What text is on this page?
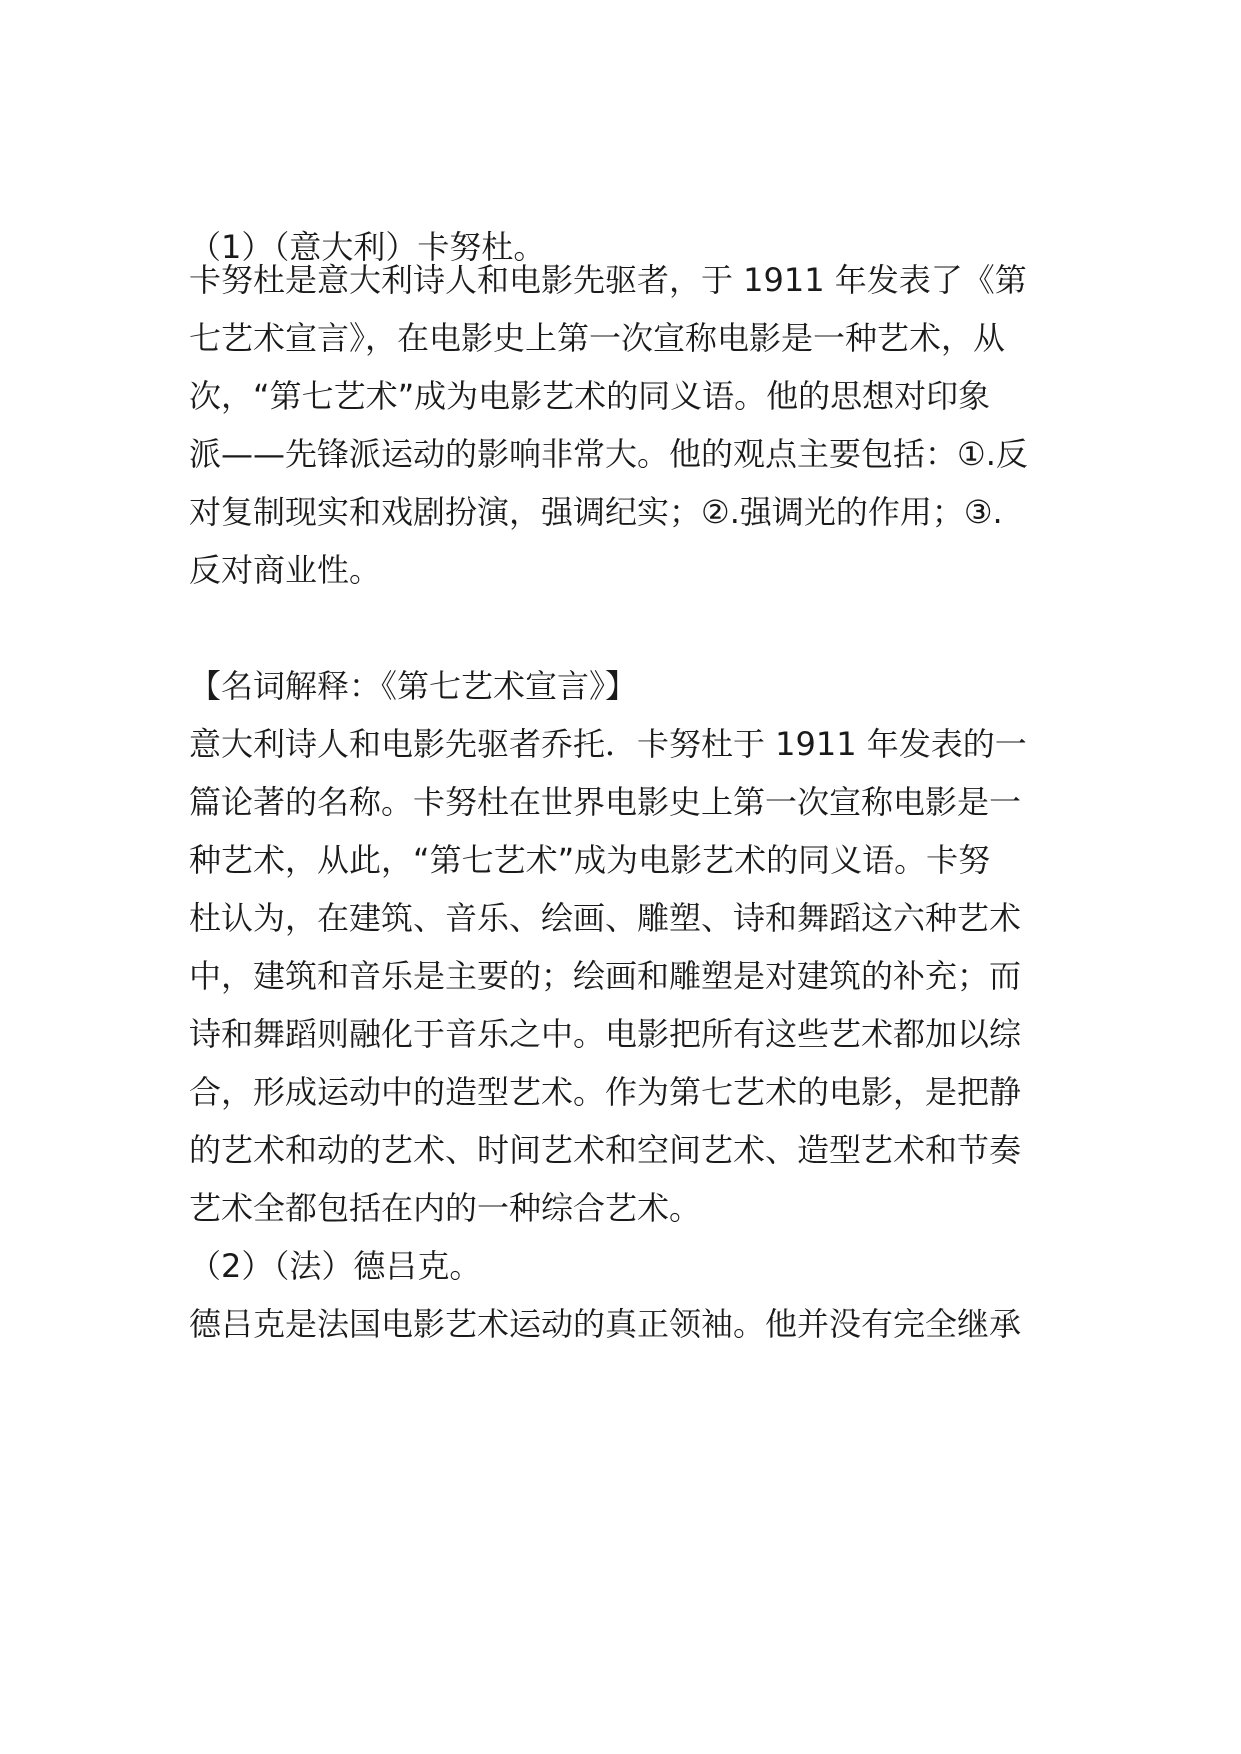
（1）（意大利）卡努杜。
卡努杜是意大利诗人和电影先驱者，于 1911 年发表了《第
七艺术宣言》，在电影史上第一次宣称电影是一种艺术，从
次，“第七艺术”成为电影艺术的同义语。他的思想对印象
派——先锋派运动的影响非常大。他的观点主要包括：①.反
对复制现实和戏剧扮演，强调纪实；②.强调光的作用；③.
反对商业性。
【名词解释：《第七艺术宣言》】
意大利诗人和电影先驱者乔托．卡努杜于 1911 年发表的一
篇论著的名称。卡努杜在世界电影史上第一次宣称电影是一
种艺术，从此，“第七艺术”成为电影艺术的同义语。卡努
杜认为，在建筑、音乐、绘画、雕塑、诗和舞蹈这六种艺术
中，建筑和音乐是主要的；绘画和雕塑是对建筑的补充；而
诗和舞蹈则融化于音乐之中。电影把所有这些艺术都加以综
合，形成运动中的造型艺术。作为第七艺术的电影，是把静
的艺术和动的艺术、时间艺术和空间艺术、造型艺术和节奏
艺术全都包括在内的一种综合艺术。
（2）（法）德吕克。
德吕克是法国电影艺术运动的真正领袖。他并没有完全继承
